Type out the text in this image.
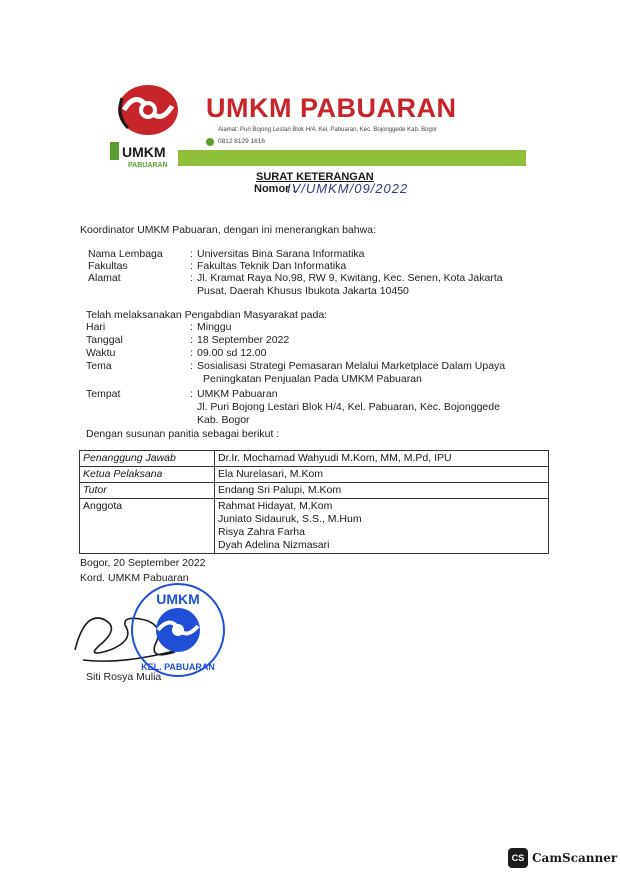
UMKM
PABUARAN
UMKM PABUARAN
Alamat: Puri Bojong Lestari Blok H/4, Kel. Pabuaran, Kec. Bojonggede Kab. Bogor
0812 8129 1616
SURAT KETERANGAN
Nomor :
IV/UMKM/09/2022
Koordinator UMKM Pabuaran, dengan ini menerangkan bahwa:
Nama Lembaga	: Universitas Bina Sarana Informatika
Fakultas	: Fakultas Teknik Dan Informatika
Alamat	: Jl. Kramat Raya No.98, RW 9, Kwitang, Kec. Senen, Kota Jakarta
Pusat, Daerah Khusus Ibukota Jakarta 10450
Telah melaksanakan Pengabdian Masyarakat pada:
Hari	: Minggu
Tanggal	: 18 September 2022
Waktu	: 09.00 sd 12.00
Tema	: Sosialisasi Strategi Pemasaran Melalui Marketplace Dalam Upaya
Peningkatan Penjualan Pada UMKM Pabuaran
Tempat	: UMKM Pabuaran
Jl. Puri Bojong Lestari Blok H/4, Kel. Pabuaran, Kec. Bojonggede
Kab. Bogor
Dengan susunan panitia sebagai berikut :
Penanggung Jawab	Dr.Ir. Mochamad Wahyudi M.Kom, MM, M.Pd, IPU

Ketua Pelaksana	Ela Nurelasari, M.Kom

Tutor	Endang Sri Palupi, M.Kom

Anggota	Rahmat Hidayat, M.Kom
Juniato Sidauruk, S.S., M.Hum
Risya Zahra Farha
Dyah Adelina Nizmasari
Bogor, 20 September 2022
Kord. UMKM Pabuaran
UMKM
KEL. PABUARAN
Siti Rosya Mulia
CS CamScanner
